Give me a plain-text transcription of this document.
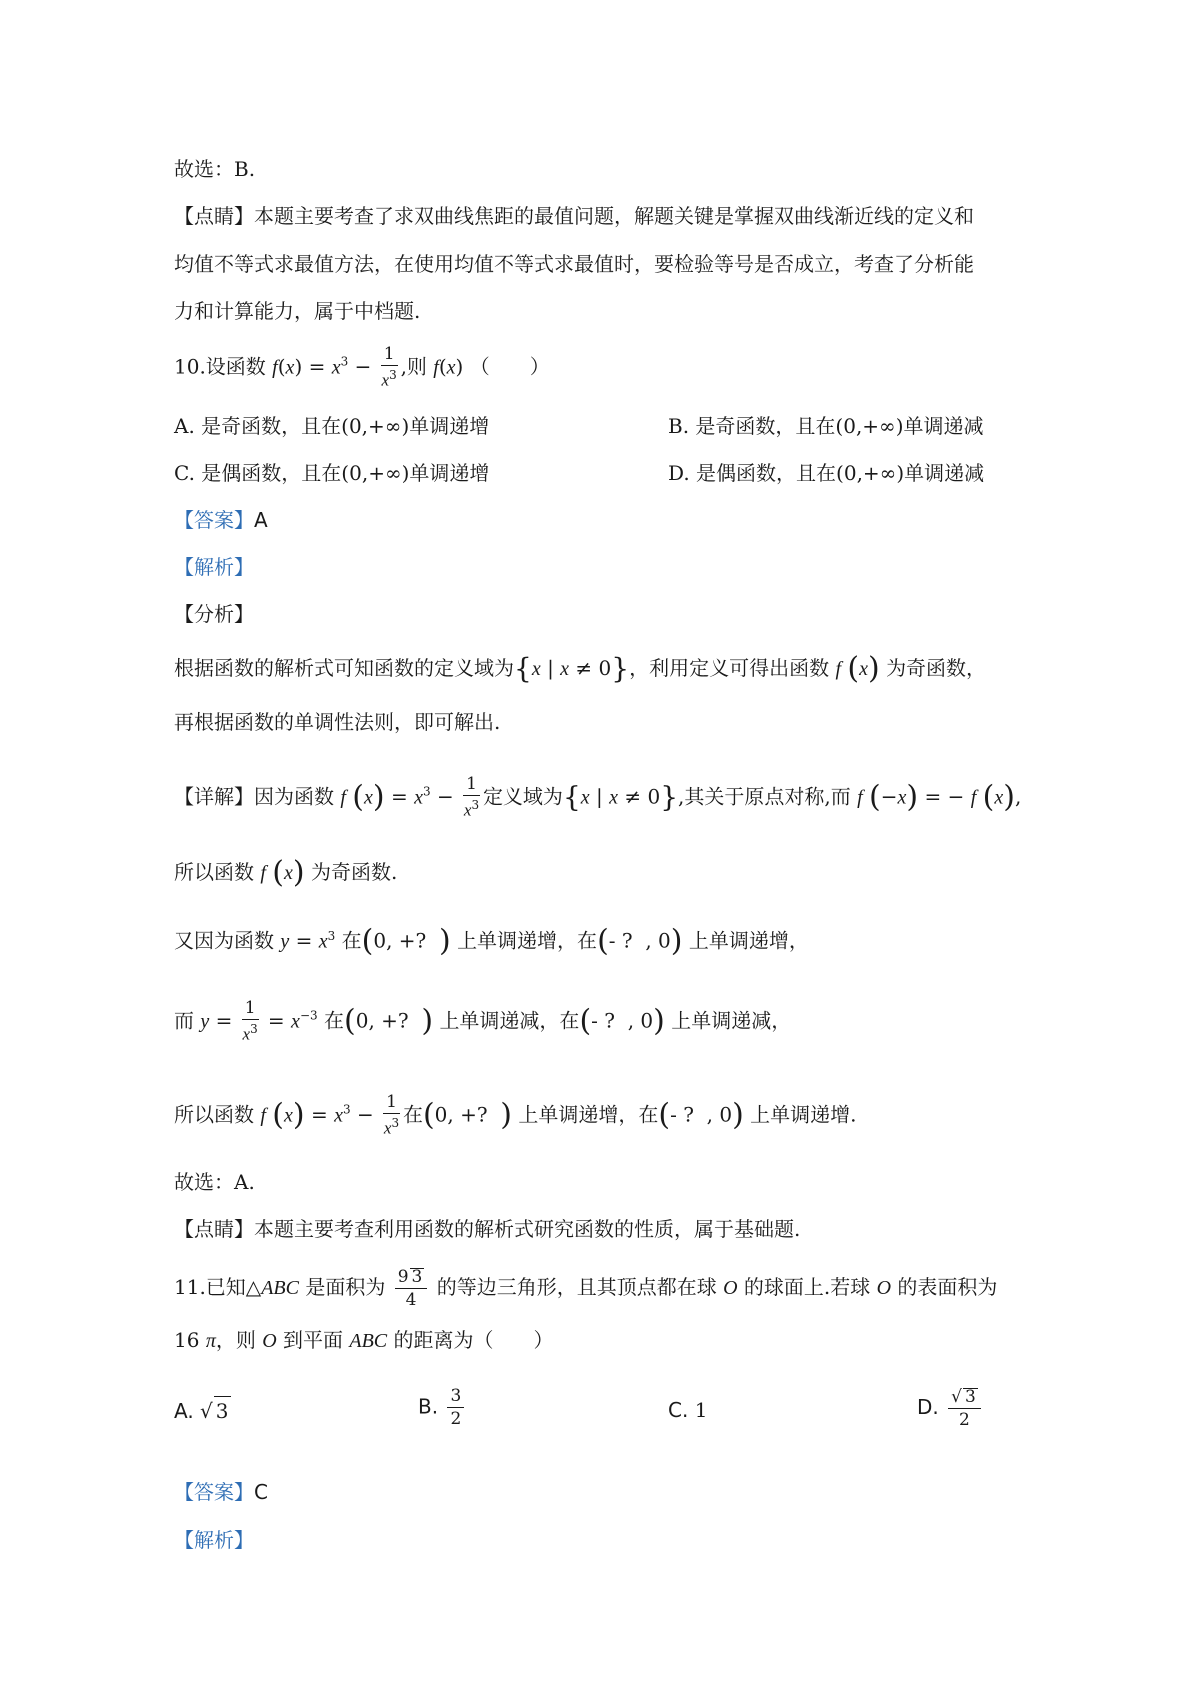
故选：B.
【点睛】本题主要考查了求双曲线焦距的最值问题，解题关键是掌握双曲线渐近线的定义和
均值不等式求最值方法，在使用均值不等式求最值时，要检验等号是否成立，考查了分析能
力和计算能力，属于中档题.
10.设函数 $f(x) = x^3 - \frac{1}{x^3}$ ,则 f(x) （　　）
A. 是奇函数，且在(0,+∞)单调递增	B. 是奇函数，且在(0,+∞)单调递减
C. 是偶函数，且在(0,+∞)单调递增	D. 是偶函数，且在(0,+∞)单调递减
【答案】A
【解析】
【分析】
根据函数的解析式可知函数的定义域为{x | x ≠ 0}，利用定义可得出函数 f (x) 为奇函数，
再根据函数的单调性法则，即可解出.
【详解】因为函数 f $(x) = x^3 - \frac{1}{x^3}$ 定义域为{x | x ≠ 0},其关于原点对称,而 f (−x) = − f (x),
所以函数 f (x) 为奇函数.
又因为函数 $y = x^3$ 在(0, +?  ) 上单调递增，在(- ?  , 0) 上单调递增，
而 $y = \frac{1}{x^3} = x^{-3}$ 在(0, +?  ) 上单调递减，在(- ?  , 0) 上单调递减，
所以函数 f $(x) = x^3 - \frac{1}{x^3}$ 在(0, +?  ) 上单调递增，在(- ?  , 0) 上单调递增.
故选：A.
【点睛】本题主要考查利用函数的解析式研究函数的性质，属于基础题.
11.已知△ABC 是面积为 $\frac{9 3}{4}$ 的等边三角形，且其顶点都在球 O 的球面上.若球 O 的表面积为
16 π，则 O 到平面 ABC 的距离为（　　）
A. √ 3	B. $\frac{3}{2}$	C. 1	D. $\frac{√ 3}{2}$
【答案】C
【解析】
